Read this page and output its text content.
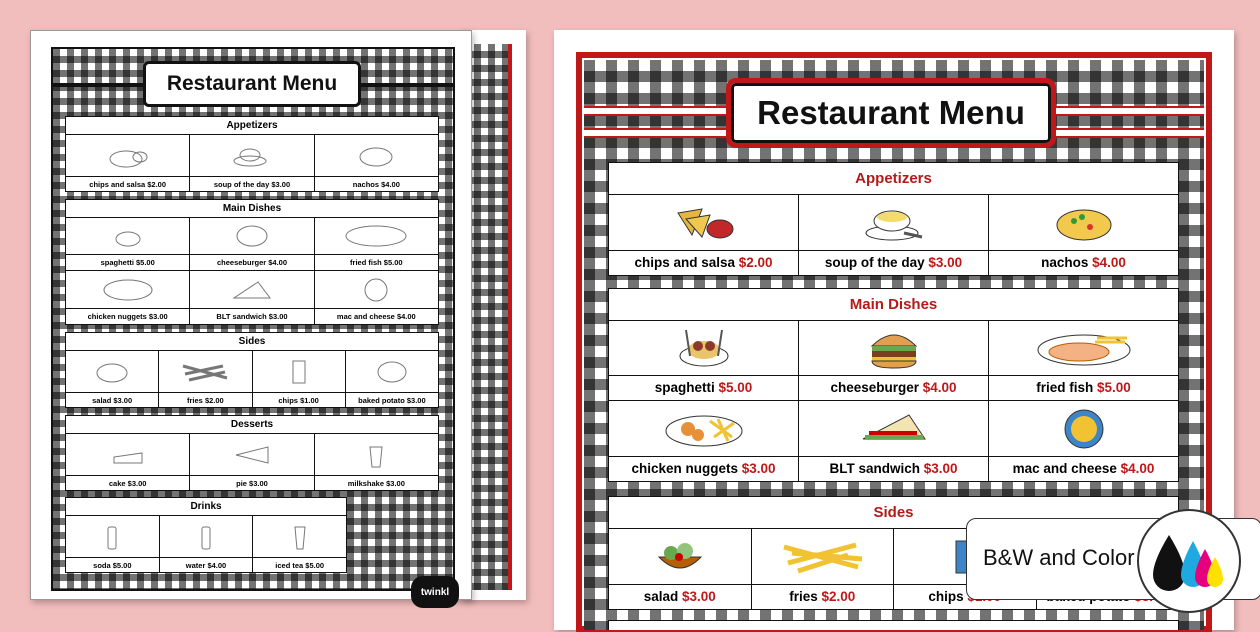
Restaurant Menu
Appetizers
chips and salsa $2.00	soup of the day $3.00	nachos $4.00
Main Dishes
spaghetti $5.00	cheeseburger $4.00	fried fish $5.00
chicken nuggets $3.00	BLT sandwich $3.00	mac and cheese $4.00
Sides
salad $3.00	fries $2.00	chips $1.00	baked potato $3.00
Desserts
cake $3.00	pie $3.00	milkshake $3.00
Drinks
soda $5.00	water $4.00	iced tea $5.00
twinkl
Restaurant Menu
Appetizers
chips and salsa $2.00	soup of the day $3.00	nachos $4.00
Main Dishes
spaghetti $5.00	cheeseburger $4.00	fried fish $5.00
chicken nuggets $3.00	BLT sandwich $3.00	mac and cheese $4.00
Sides
salad $3.00	fries $2.00	chips
B&W and Color
